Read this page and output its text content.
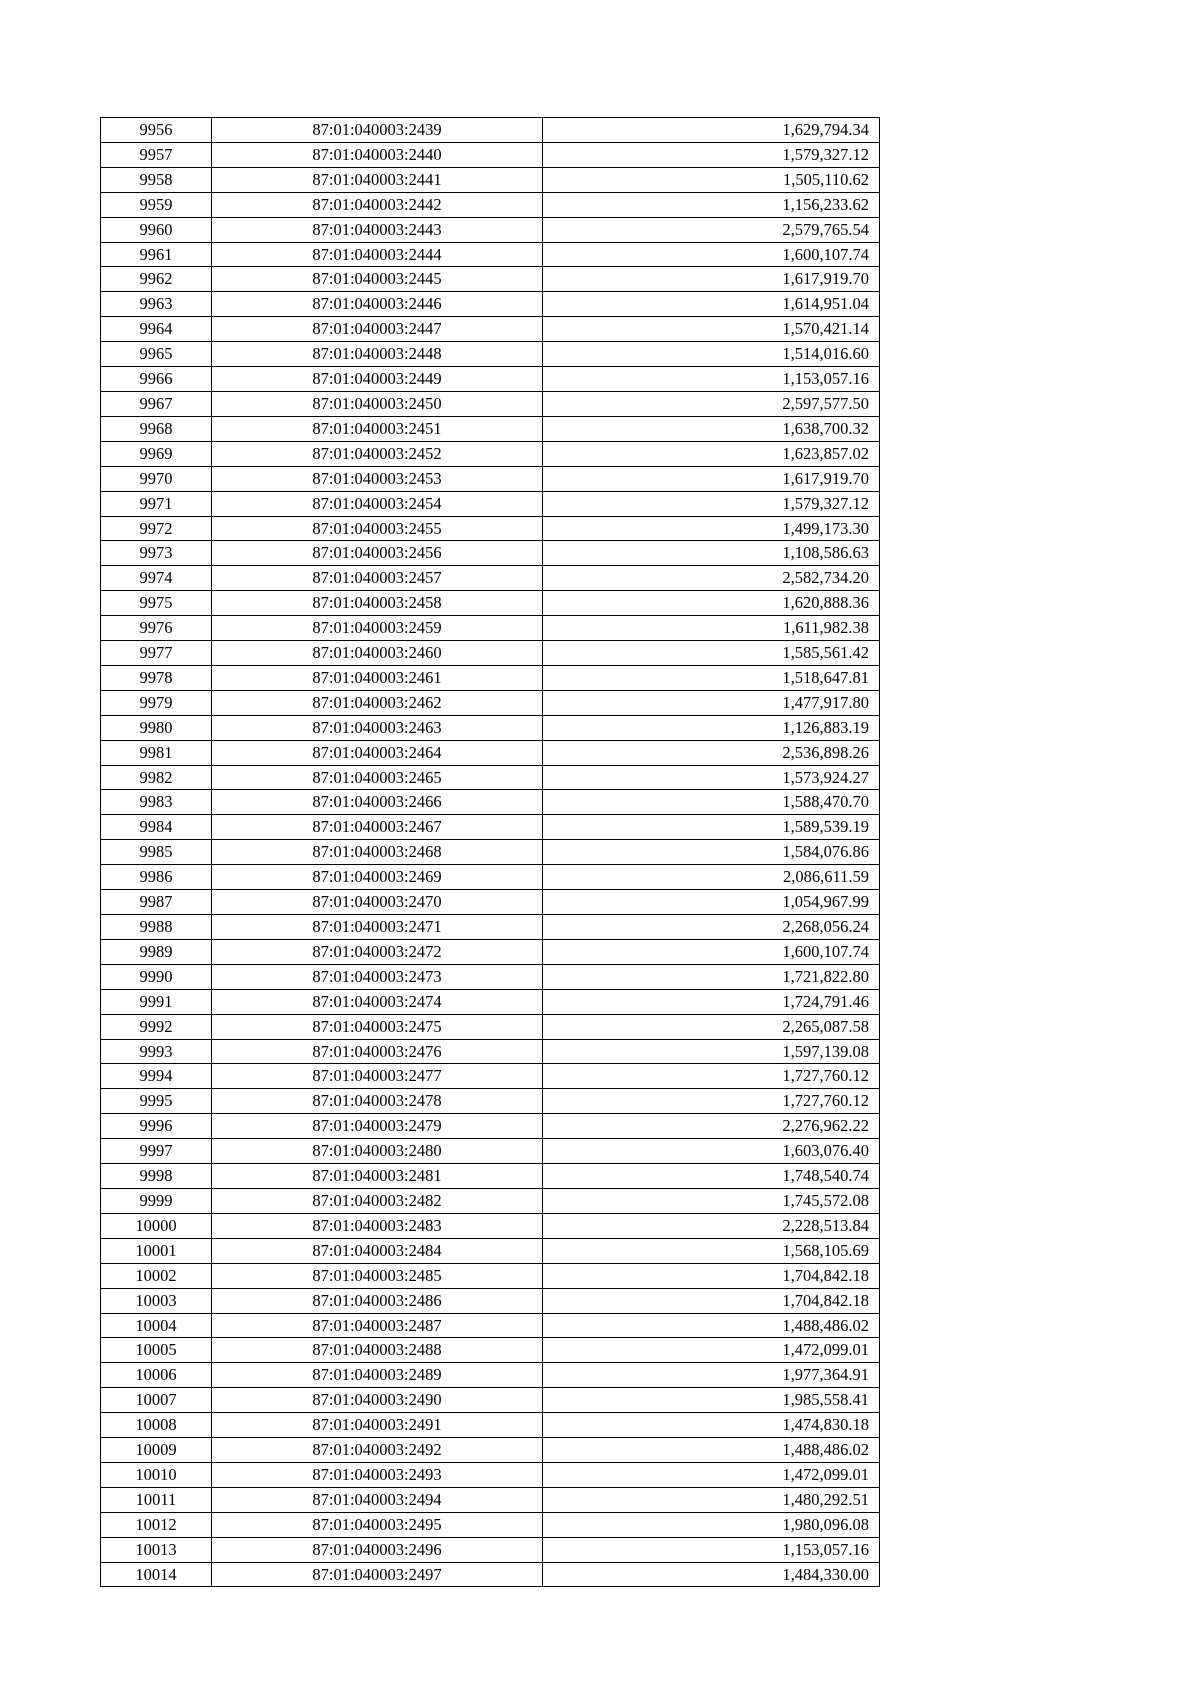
9956	87:01:040003:2439	1,629,794.34
9957	87:01:040003:2440	1,579,327.12
9958	87:01:040003:2441	1,505,110.62
9959	87:01:040003:2442	1,156,233.62
9960	87:01:040003:2443	2,579,765.54
9961	87:01:040003:2444	1,600,107.74
9962	87:01:040003:2445	1,617,919.70
9963	87:01:040003:2446	1,614,951.04
9964	87:01:040003:2447	1,570,421.14
9965	87:01:040003:2448	1,514,016.60
9966	87:01:040003:2449	1,153,057.16
9967	87:01:040003:2450	2,597,577.50
9968	87:01:040003:2451	1,638,700.32
9969	87:01:040003:2452	1,623,857.02
9970	87:01:040003:2453	1,617,919.70
9971	87:01:040003:2454	1,579,327.12
9972	87:01:040003:2455	1,499,173.30
9973	87:01:040003:2456	1,108,586.63
9974	87:01:040003:2457	2,582,734.20
9975	87:01:040003:2458	1,620,888.36
9976	87:01:040003:2459	1,611,982.38
9977	87:01:040003:2460	1,585,561.42
9978	87:01:040003:2461	1,518,647.81
9979	87:01:040003:2462	1,477,917.80
9980	87:01:040003:2463	1,126,883.19
9981	87:01:040003:2464	2,536,898.26
9982	87:01:040003:2465	1,573,924.27
9983	87:01:040003:2466	1,588,470.70
9984	87:01:040003:2467	1,589,539.19
9985	87:01:040003:2468	1,584,076.86
9986	87:01:040003:2469	2,086,611.59
9987	87:01:040003:2470	1,054,967.99
9988	87:01:040003:2471	2,268,056.24
9989	87:01:040003:2472	1,600,107.74
9990	87:01:040003:2473	1,721,822.80
9991	87:01:040003:2474	1,724,791.46
9992	87:01:040003:2475	2,265,087.58
9993	87:01:040003:2476	1,597,139.08
9994	87:01:040003:2477	1,727,760.12
9995	87:01:040003:2478	1,727,760.12
9996	87:01:040003:2479	2,276,962.22
9997	87:01:040003:2480	1,603,076.40
9998	87:01:040003:2481	1,748,540.74
9999	87:01:040003:2482	1,745,572.08
10000	87:01:040003:2483	2,228,513.84
10001	87:01:040003:2484	1,568,105.69
10002	87:01:040003:2485	1,704,842.18
10003	87:01:040003:2486	1,704,842.18
10004	87:01:040003:2487	1,488,486.02
10005	87:01:040003:2488	1,472,099.01
10006	87:01:040003:2489	1,977,364.91
10007	87:01:040003:2490	1,985,558.41
10008	87:01:040003:2491	1,474,830.18
10009	87:01:040003:2492	1,488,486.02
10010	87:01:040003:2493	1,472,099.01
10011	87:01:040003:2494	1,480,292.51
10012	87:01:040003:2495	1,980,096.08
10013	87:01:040003:2496	1,153,057.16
10014	87:01:040003:2497	1,484,330.00
